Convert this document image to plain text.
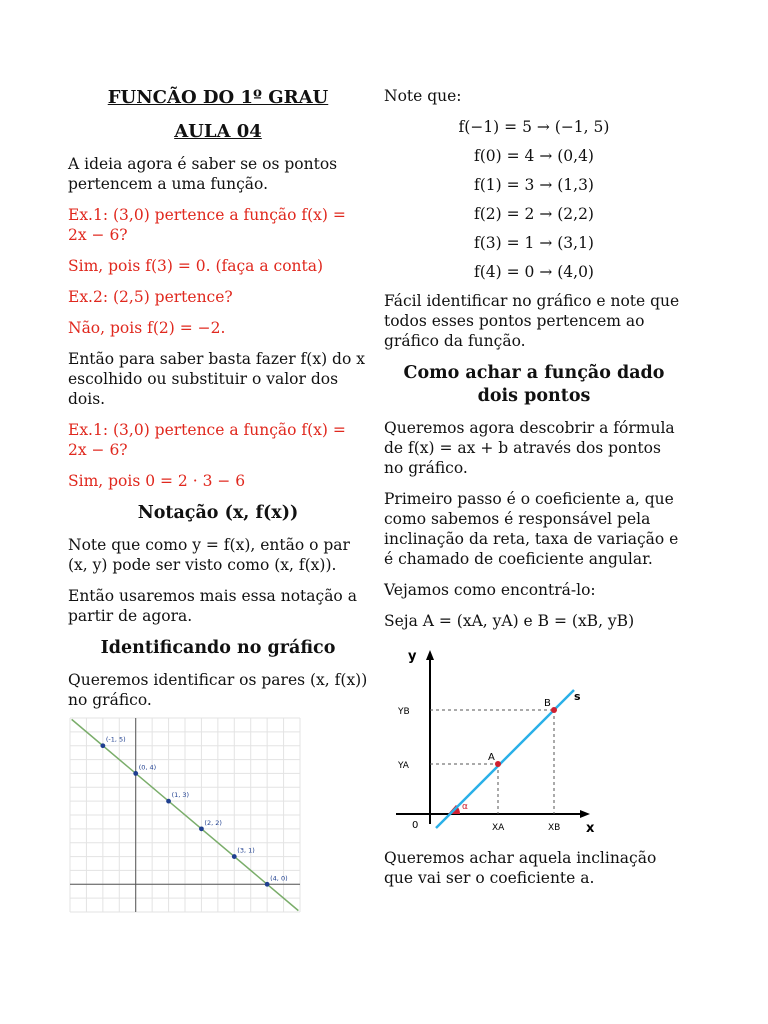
FUNCÃO DO 1º GRAU

AULA 04

A ideia agora é saber se os pontos pertencem a uma função.

Ex.1: (3,0) pertence a função f(x) = 2x − 6?

Sim, pois f(3) = 0. (faça a conta)

Ex.2: (2,5) pertence?

Não, pois f(2) = −2.

Então para saber basta fazer f(x) do x escolhido ou substituir o valor dos dois.

Ex.1: (3,0) pertence a função f(x) = 2x − 6?

Sim, pois 0 = 2 · 3 − 6

Notação (x, f(x))

Note que como y = f(x), então o par (x, y) pode ser visto como (x, f(x)).

Então usaremos mais essa notação a partir de agora.

Identificando no gráfico

Queremos identificar os pares (x, f(x)) no gráfico.

(-1, 5)
(0, 4)
(1, 3)
(2, 2)
(3, 1)
(4, 0)

Note que:

f(−1) = 5 → (−1, 5)

f(0) = 4 → (0,4)

f(1) = 3 → (1,3)

f(2) = 2 → (2,2)

f(3) = 1 → (3,1)

f(4) = 0 → (4,0)

Fácil identificar no gráfico e note que todos esses pontos pertencem ao gráfico da função.

Como achar a função dado dois pontos

Queremos agora descobrir a fórmula de f(x) = ax + b através dos pontos no gráfico.

Primeiro passo é o coeficiente a, que como sabemos é responsável pela inclinação da reta, taxa de variação e é chamado de coeficiente angular.

Vejamos como encontrá-lo:

Seja A = (xA, yA) e B = (xB, yB)

y
x
0
s
A
B
α
YB
YA
XA	XB

Queremos achar aquela inclinação que vai ser o coeficiente a.
